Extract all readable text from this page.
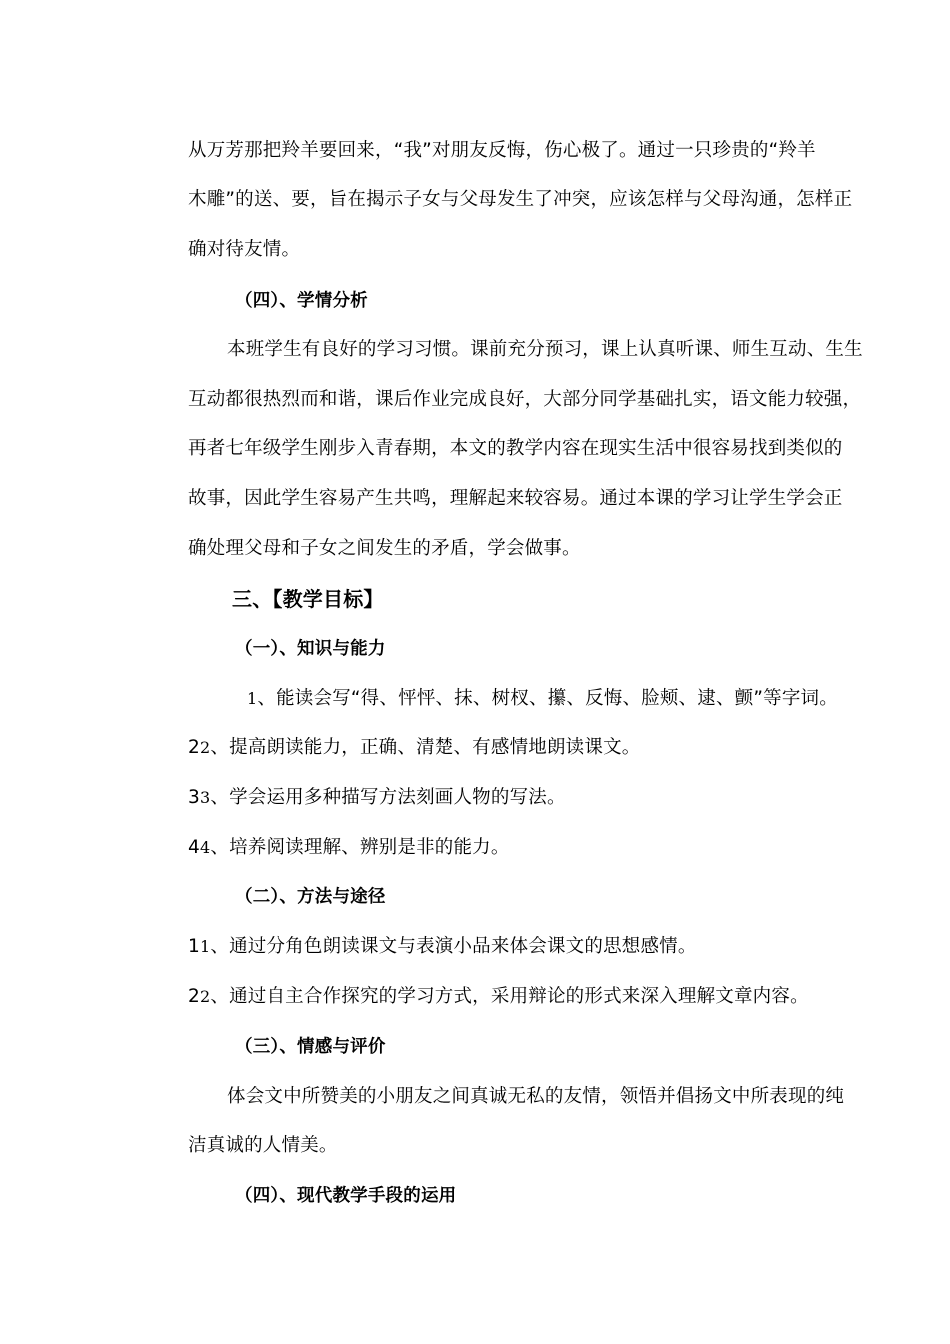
从万芳那把羚羊要回来，“我”对朋友反悔，伤心极了。通过一只珍贵的“羚羊
木雕”的送、要，旨在揭示子女与父母发生了冲突，应该怎样与父母沟通，怎样正
确对待友情。
（四）、学情分析
本班学生有良好的学习习惯。课前充分预习，课上认真听课、师生互动、生生
互动都很热烈而和谐，课后作业完成良好，大部分同学基础扎实，语文能力较强，
再者七年级学生刚步入青春期，本文的教学内容在现实生活中很容易找到类似的
故事，因此学生容易产生共鸣，理解起来较容易。通过本课的学习让学生学会正
确处理父母和子女之间发生的矛盾，学会做事。
三、【教学目标】
（一）、知识与能力
1、能读会写“得、怦怦、抹、树杈、攥、反悔、脸颊、逮、颤”等字词。
22、提高朗读能力，正确、清楚、有感情地朗读课文。
33、学会运用多种描写方法刻画人物的写法。
44、培养阅读理解、辨别是非的能力。
（二）、方法与途径
11、通过分角色朗读课文与表演小品来体会课文的思想感情。
22、通过自主合作探究的学习方式，采用辩论的形式来深入理解文章内容。
（三）、情感与评价
体会文中所赞美的小朋友之间真诚无私的友情，领悟并倡扬文中所表现的纯
洁真诚的人情美。
（四）、现代教学手段的运用
